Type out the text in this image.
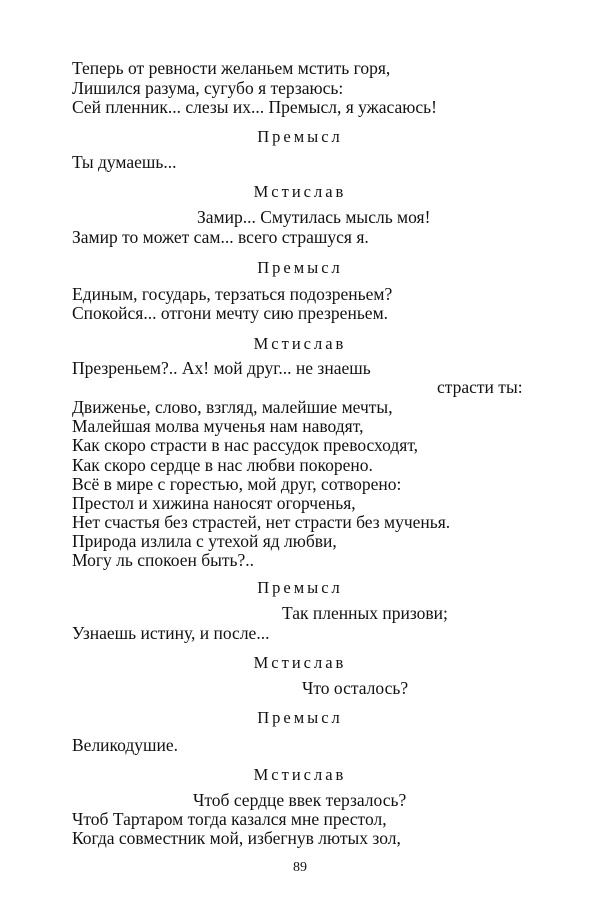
Теперь от ревности желаньем мстить горя,
Лишился разума, сугубо я терзаюсь:
Сей пленник... слезы их... Премысл, я ужасаюсь!
Премысл
Ты думаешь...
Мстислав
Замир... Смутилась мысль моя!
Замир то может сам... всего страшуся я.
Премысл
Единым, государь, терзаться подозреньем?
Спокойся... отгони мечту сию презреньем.
Мстислав
Презреньем?.. Ах! мой друг... не знаешь
страсти ты:
Движенье, слово, взгляд, малейшие мечты,
Малейшая молва мученья нам наводят,
Как скоро страсти в нас рассудок превосходят,
Как скоро сердце в нас любви покорено.
Всё в мире с горестью, мой друг, сотворено:
Престол и хижина наносят огорченья,
Нет счастья без страстей, нет страсти без мученья.
Природа излила с утехой яд любви,
Могу ль спокоен быть?..
Премысл
Так пленных призови;
Узнаешь истину, и после...
Мстислав
Что осталось?
Премысл
Великодушие.
Мстислав
Чтоб сердце ввек терзалось?
Чтоб Тартаром тогда казался мне престол,
Когда совместник мой, избегнув лютых зол,
89
